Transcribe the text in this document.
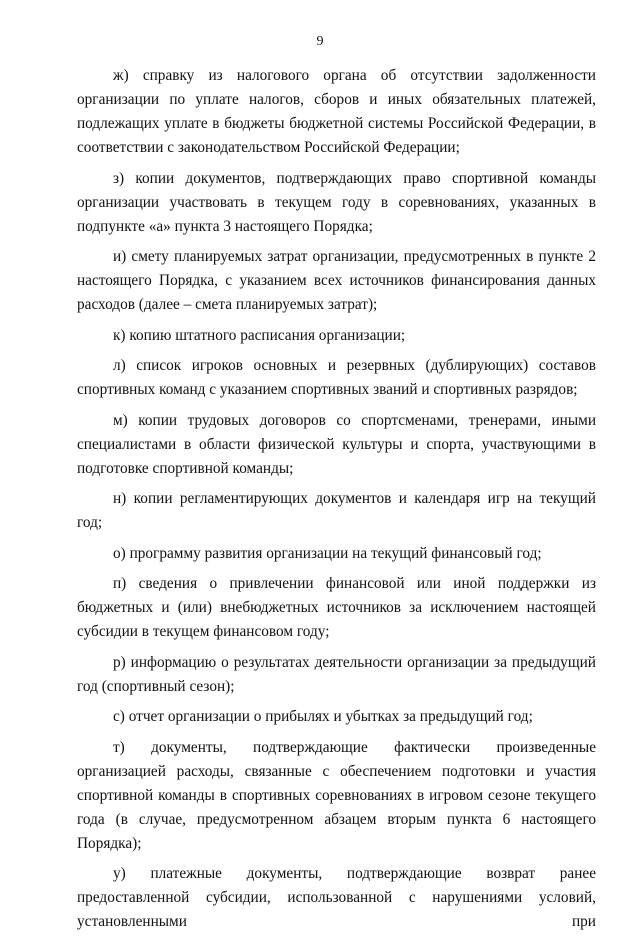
9

ж) справку из налогового органа об отсутствии задолженности организации по уплате налогов, сборов и иных обязательных платежей, подлежащих уплате в бюджеты бюджетной системы Российской Федерации, в соответствии с законодательством Российской Федерации;

з) копии документов, подтверждающих право спортивной команды организации участвовать в текущем году в соревнованиях, указанных в подпункте «а» пункта 3 настоящего Порядка;

и) смету планируемых затрат организации, предусмотренных в пункте 2 настоящего Порядка, с указанием всех источников финансирования данных расходов (далее – смета планируемых затрат);

к) копию штатного расписания организации;

л) список игроков основных и резервных (дублирующих) составов спортивных команд с указанием спортивных званий и спортивных разрядов;

м) копии трудовых договоров со спортсменами, тренерами, иными специалистами в области физической культуры и спорта, участвующими в подготовке спортивной команды;

н) копии регламентирующих документов и календаря игр на текущий год;

о) программу развития организации на текущий финансовый год;

п) сведения о привлечении финансовой или иной поддержки из бюджетных и (или) внебюджетных источников за исключением настоящей субсидии в текущем финансовом году;

р) информацию о результатах деятельности организации за предыдущий год (спортивный сезон);

с) отчет организации о прибылях и убытках за предыдущий год;

т) документы, подтверждающие фактически произведенные организацией расходы, связанные с обеспечением подготовки и участия спортивной команды в спортивных соревнованиях в игровом сезоне текущего года (в случае, предусмотренном абзацем вторым пункта 6 настоящего Порядка);

у) платежные документы, подтверждающие возврат ранее предоставленной субсидии, использованной с нарушениями условий, установленными при
